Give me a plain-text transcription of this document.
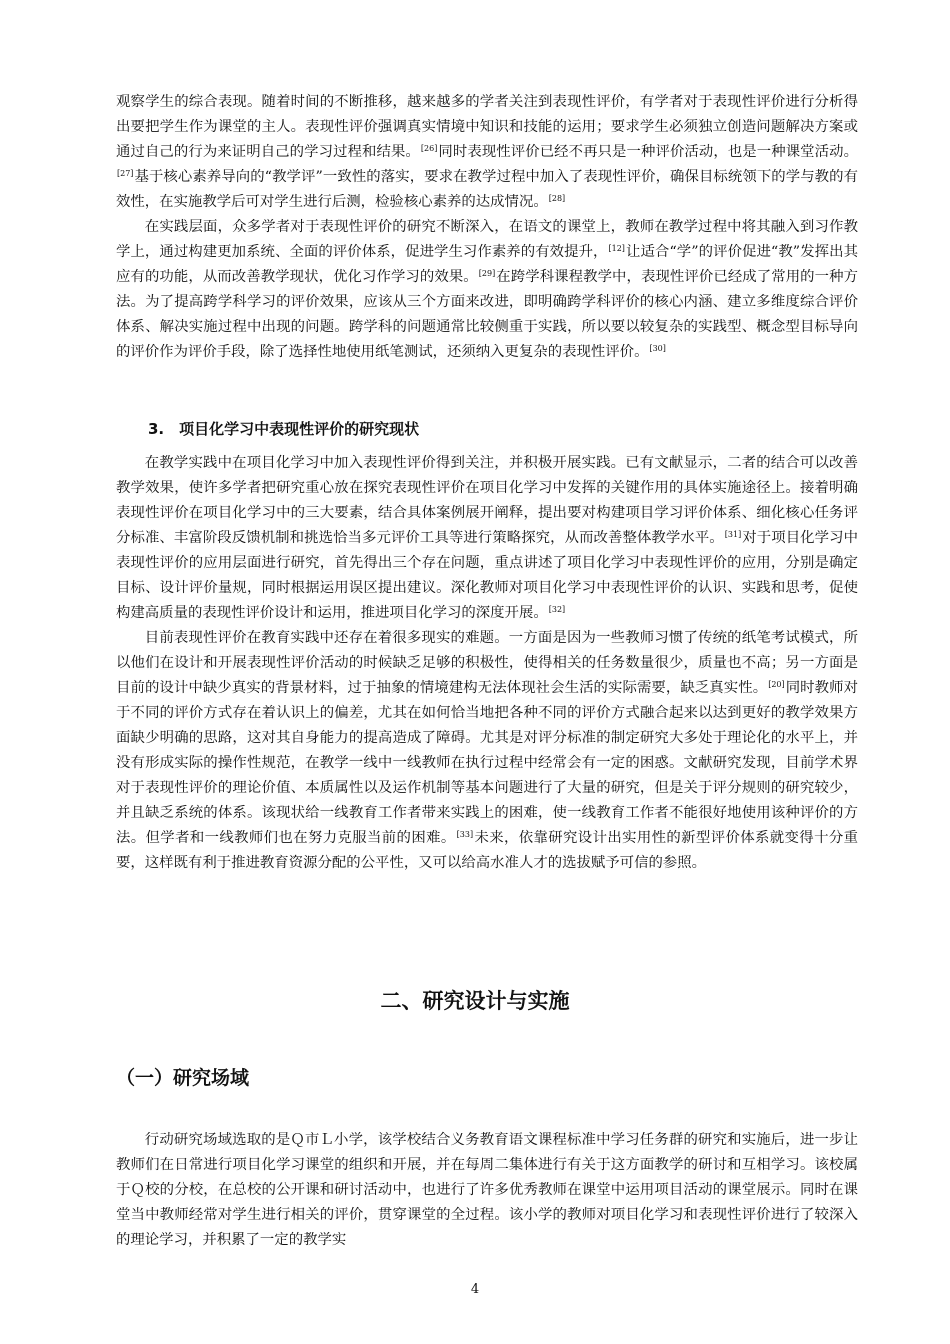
观察学生的综合表现。随着时间的不断推移，越来越多的学者关注到表现性评价，有学者对于表现性评价进行分析得出要把学生作为课堂的主人。表现性评价强调真实情境中知识和技能的运用；要求学生必须独立创造问题解决方案或通过自己的行为来证明自己的学习过程和结果。[26]同时表现性评价已经不再只是一种评价活动，也是一种课堂活动。[27]基于核心素养导向的“教学评”一致性的落实，要求在教学过程中加入了表现性评价，确保目标统领下的学与教的有效性，在实施教学后可对学生进行后测，检验核心素养的达成情况。[28]

在实践层面，众多学者对于表现性评价的研究不断深入，在语文的课堂上，教师在教学过程中将其融入到习作教学上，通过构建更加系统、全面的评价体系，促进学生习作素养的有效提升，[12]让适合“学”的评价促进“教”发挥出其应有的功能，从而改善教学现状，优化习作学习的效果。[29]在跨学科课程教学中，表现性评价已经成了常用的一种方法。为了提高跨学科学习的评价效果，应该从三个方面来改进，即明确跨学科评价的核心内涵、建立多维度综合评价体系、解决实施过程中出现的问题。跨学科的问题通常比较侧重于实践，所以要以较复杂的实践型、概念型目标导向的评价作为评价手段，除了选择性地使用纸笔测试，还须纳入更复杂的表现性评价。[30]

3.　项目化学习中表现性评价的研究现状

在教学实践中在项目化学习中加入表现性评价得到关注，并积极开展实践。已有文献显示，二者的结合可以改善教学效果，使许多学者把研究重心放在探究表现性评价在项目化学习中发挥的关键作用的具体实施途径上。接着明确表现性评价在项目化学习中的三大要素，结合具体案例展开阐释，提出要对构建项目学习评价体系、细化核心任务评分标准、丰富阶段反馈机制和挑选恰当多元评价工具等进行策略探究，从而改善整体教学水平。[31]对于项目化学习中表现性评价的应用层面进行研究，首先得出三个存在问题，重点讲述了项目化学习中表现性评价的应用，分别是确定目标、设计评价量规，同时根据运用误区提出建议。深化教师对项目化学习中表现性评价的认识、实践和思考，促使构建高质量的表现性评价设计和运用，推进项目化学习的深度开展。[32]

目前表现性评价在教育实践中还存在着很多现实的难题。一方面是因为一些教师习惯了传统的纸笔考试模式，所以他们在设计和开展表现性评价活动的时候缺乏足够的积极性，使得相关的任务数量很少，质量也不高；另一方面是目前的设计中缺少真实的背景材料，过于抽象的情境建构无法体现社会生活的实际需要，缺乏真实性。[20]同时教师对于不同的评价方式存在着认识上的偏差，尤其在如何恰当地把各种不同的评价方式融合起来以达到更好的教学效果方面缺少明确的思路，这对其自身能力的提高造成了障碍。尤其是对评分标准的制定研究大多处于理论化的水平上，并没有形成实际的操作性规范，在教学一线中一线教师在执行过程中经常会有一定的困惑。文献研究发现，目前学术界对于表现性评价的理论价值、本质属性以及运作机制等基本问题进行了大量的研究，但是关于评分规则的研究较少，并且缺乏系统的体系。该现状给一线教育工作者带来实践上的困难，使一线教育工作者不能很好地使用该种评价的方法。但学者和一线教师们也在努力克服当前的困难。[33]未来，依靠研究设计出实用性的新型评价体系就变得十分重要，这样既有利于推进教育资源分配的公平性，又可以给高水准人才的选拔赋予可信的参照。

二、研究设计与实施
（一）研究场域

行动研究场域选取的是Ｑ市Ｌ小学，该学校结合义务教育语文课程标准中学习任务群的研究和实施后，进一步让教师们在日常进行项目化学习课堂的组织和开展，并在每周二集体进行有关于这方面教学的研讨和互相学习。该校属于Ｑ校的分校，在总校的公开课和研讨活动中，也进行了许多优秀教师在课堂中运用项目活动的课堂展示。同时在课堂当中教师经常对学生进行相关的评价，贯穿课堂的全过程。该小学的教师对项目化学习和表现性评价进行了较深入的理论学习，并积累了一定的教学实

4
